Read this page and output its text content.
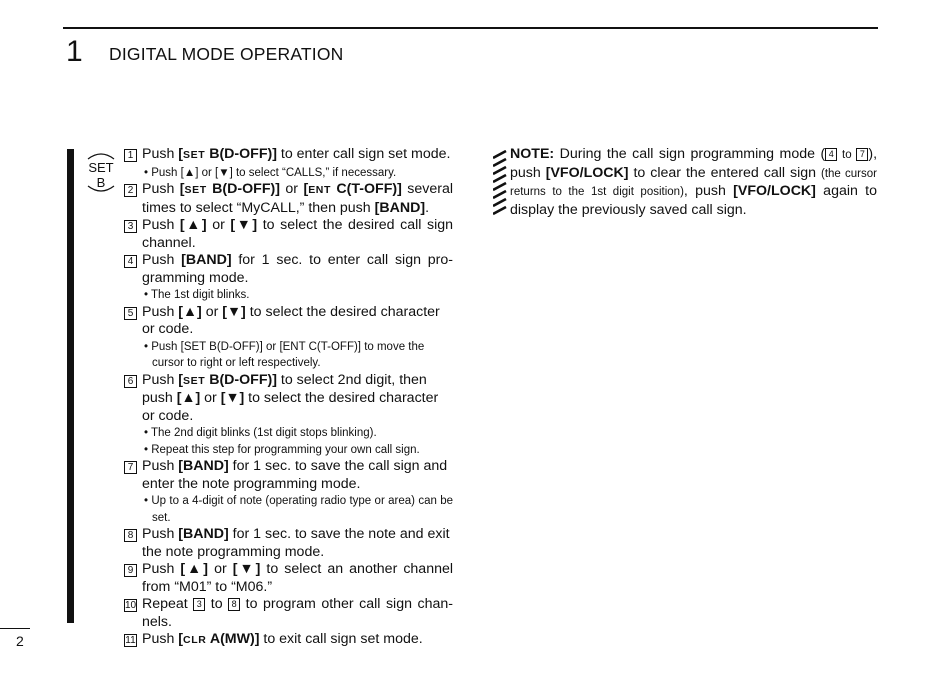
1 DIGITAL MODE OPERATION
SET
B
1 Push [SET B(D-OFF)] to enter call sign set mode.
• Push [▲] or [▼] to select “CALLS,” if necessary.
2 Push [SET B(D-OFF)] or [ENT C(T-OFF)] several times to select “MyCALL,” then push [BAND].
3 Push [▲] or [▼] to select the desired call sign channel.
4 Push [BAND] for 1 sec. to enter call sign pro-gramming mode.
• The 1st digit blinks.
5 Push [▲] or [▼] to select the desired character or code.
• Push [SET B(D-OFF)] or [ENT C(T-OFF)] to move the cursor to right or left respectively.
6 Push [SET B(D-OFF)] to select 2nd digit, then push [▲] or [▼] to select the desired character or code.
• The 2nd digit blinks (1st digit stops blinking).
• Repeat this step for programming your own call sign.
7 Push [BAND] for 1 sec. to save the call sign and enter the note programming mode.
• Up to a 4-digit of note (operating radio type or area) can be set.
8 Push [BAND] for 1 sec. to save the note and exit the note programming mode.
9 Push [▲] or [▼] to select an another channel from “M01” to “M06.”
10 Repeat 3 to 8 to program other call sign chan-nels.
11 Push [CLR A(MW)] to exit call sign set mode.
NOTE: During the call sign programming mode ( 4 to 7 ), push [VFO/LOCK] to clear the entered call sign (the cursor returns to the 1st digit position), push [VFO/LOCK] again to display the previously saved call sign.
2
